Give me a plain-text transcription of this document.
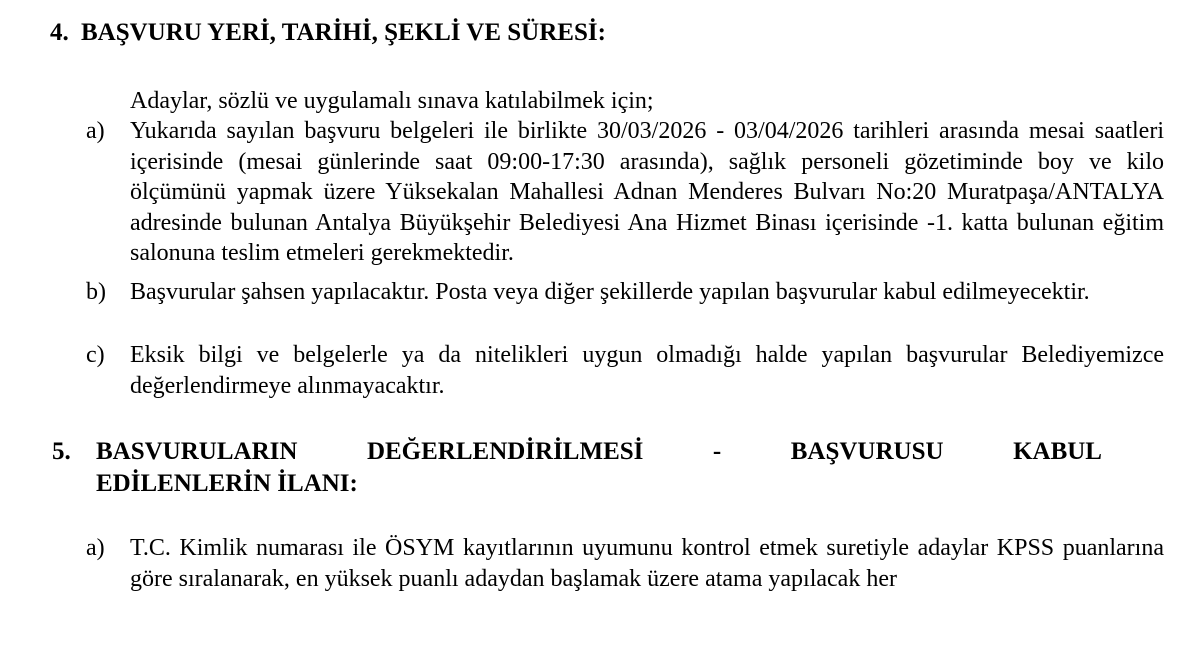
4. BAŞVURU YERİ, TARİHİ, ŞEKLİ VE SÜRESİ:
Adaylar, sözlü ve uygulamalı sınava katılabilmek için;
a) Yukarıda sayılan başvuru belgeleri ile birlikte 30/03/2026 - 03/04/2026 tarihleri arasında mesai saatleri içerisinde (mesai günlerinde saat 09:00-17:30 arasında), sağlık personeli gözetiminde boy ve kilo ölçümünü yapmak üzere Yüksekalan Mahallesi Adnan Menderes Bulvarı No:20 Muratpaşa/ANTALYA adresinde bulunan Antalya Büyükşehir Belediyesi Ana Hizmet Binası içerisinde -1. katta bulunan eğitim salonuna teslim etmeleri gerekmektedir.
b) Başvurular şahsen yapılacaktır. Posta veya diğer şekillerde yapılan başvurular kabul edilmeyecektir.
c) Eksik bilgi ve belgelerle ya da nitelikleri uygun olmadığı halde yapılan başvurular Belediyemizce değerlendirmeye alınmayacaktır.
5. BASVURULARIN	DEĞERLENDİRİLMESİ	-	BAŞVURUSU	KABUL
EDİLENLERİN İLANI:
a) T.C. Kimlik numarası ile ÖSYM kayıtlarının uyumunu kontrol etmek suretiyle adaylar KPSS puanlarına göre sıralanarak, en yüksek puanlı adaydan başlamak üzere atama yapılacak her
